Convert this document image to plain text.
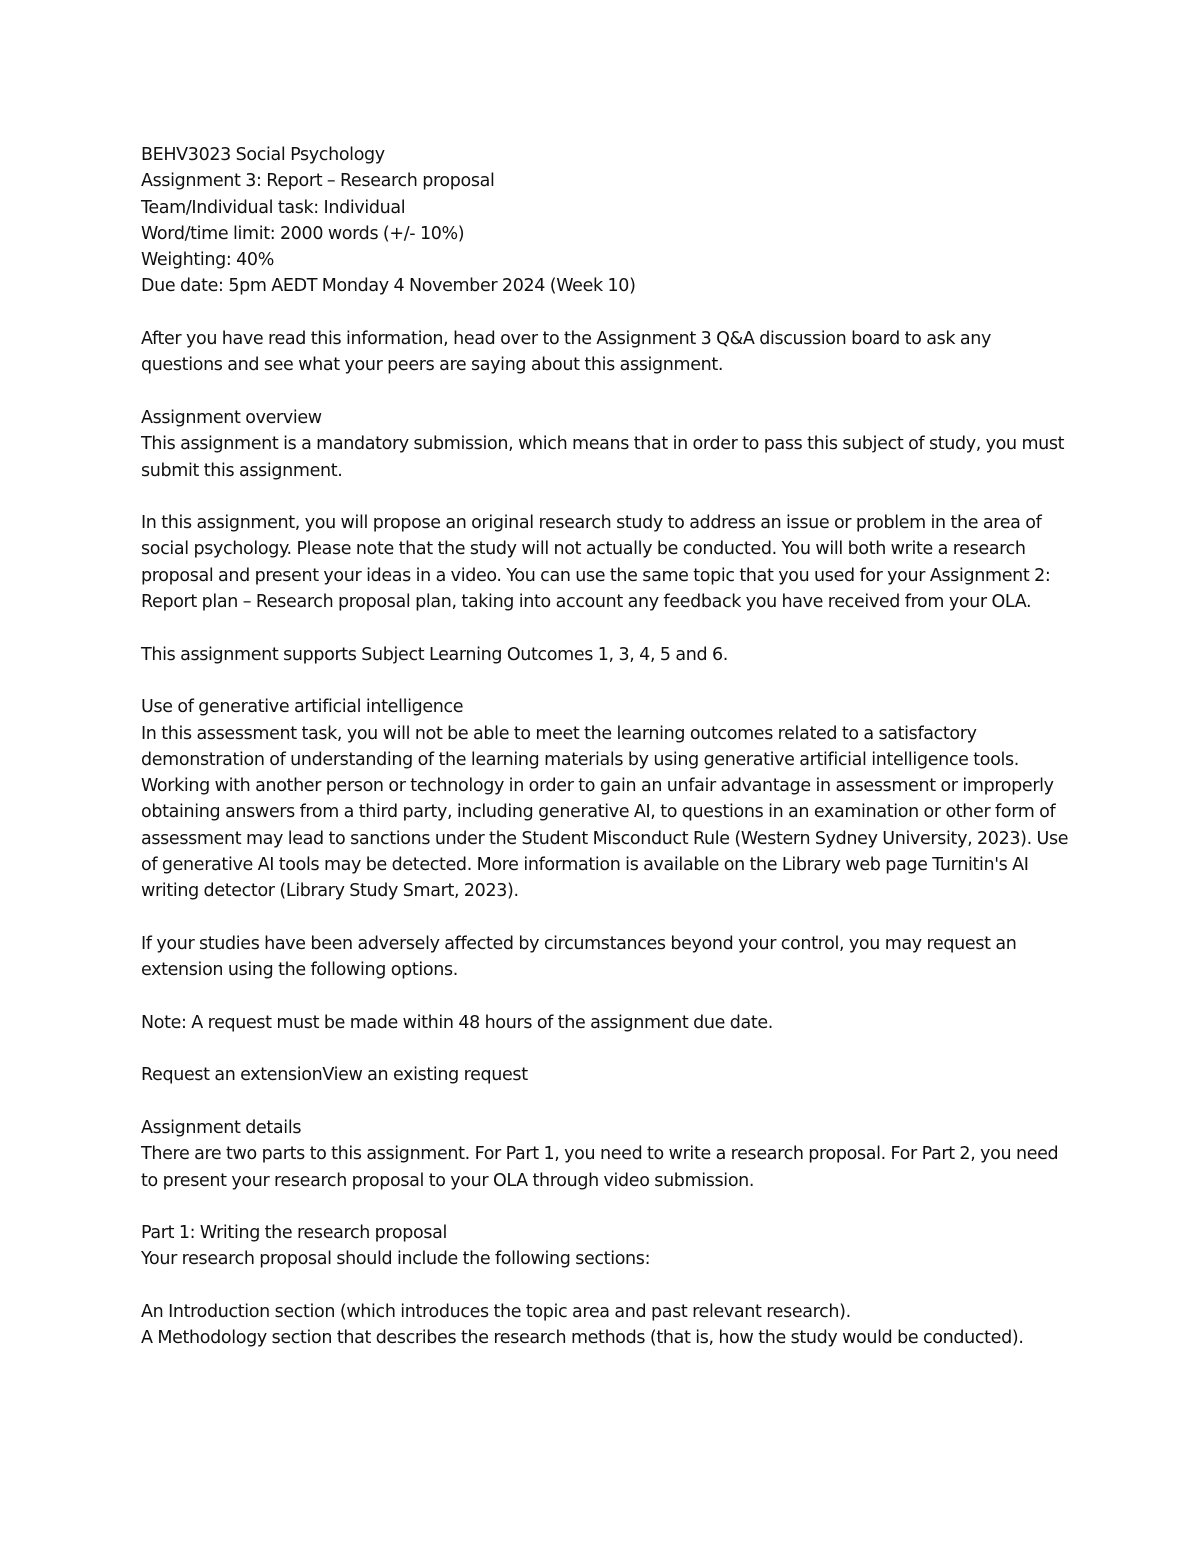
BEHV3023 Social Psychology
Assignment 3: Report – Research proposal
Team/Individual task: Individual
Word/time limit: 2000 words (+/- 10%)
Weighting: 40%
Due date: 5pm AEDT Monday 4 November 2024 (Week 10)

After you have read this information, head over to the Assignment 3 Q&A discussion board to ask any questions and see what your peers are saying about this assignment.

Assignment overview

This assignment is a mandatory submission, which means that in order to pass this subject of study, you must submit this assignment.

In this assignment, you will propose an original research study to address an issue or problem in the area of social psychology. Please note that the study will not actually be conducted. You will both write a research proposal and present your ideas in a video. You can use the same topic that you used for your Assignment 2: Report plan – Research proposal plan, taking into account any feedback you have received from your OLA.

This assignment supports Subject Learning Outcomes 1, 3, 4, 5 and 6.

Use of generative artificial intelligence

In this assessment task, you will not be able to meet the learning outcomes related to a satisfactory demonstration of understanding of the learning materials by using generative artificial intelligence tools. Working with another person or technology in order to gain an unfair advantage in assessment or improperly obtaining answers from a third party, including generative AI, to questions in an examination or other form of assessment may lead to sanctions under the Student Misconduct Rule (Western Sydney University, 2023). Use of generative AI tools may be detected. More information is available on the Library web page Turnitin's AI writing detector (Library Study Smart, 2023).

If your studies have been adversely affected by circumstances beyond your control, you may request an extension using the following options.

Note: A request must be made within 48 hours of the assignment due date.

Request an extensionView an existing request

Assignment details

There are two parts to this assignment. For Part 1, you need to write a research proposal. For Part 2, you need to present your research proposal to your OLA through video submission.

Part 1: Writing the research proposal

Your research proposal should include the following sections:

An Introduction section (which introduces the topic area and past relevant research).

A Methodology section that describes the research methods (that is, how the study would be conducted).
